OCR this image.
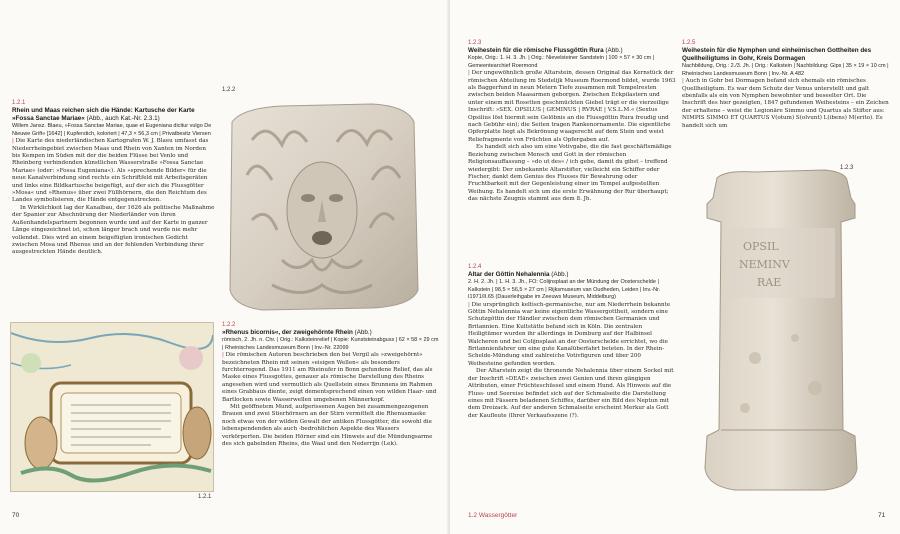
1.2.1
Rhein und Maas reichen sich die Hände: Kartusche der Karte »Fossa Sanctae Mariae« (Abb., auch Kat.-Nr. 2.3.1)
Willem Jansz. Blaeu, »Fossa Sanctae Mariae, quae et Eugeniana dicitur vulgo De Nieuwe Grift« [1642] | Kupferstich, koloriert | 47,3 × 56,3 cm | Privatbesitz Viersen

| Die Karte des niederländischen Kartografen W. J. Blaeu umfasst das Niederrheingebiet zwischen Maas und Rhein von Xanten im Norden bis Kempen im Süden mit der die beiden Flüsse bei Venlo und Rheinberg verbindenden künstlichen Wasserstraße »Fossa Sanctae Mariae« (oder: »Fossa Eugeniana«). Als »sprechende Bilder« für die neue Kanalverbindung sind rechts ein Schriftfeld mit Arbeitsgeräten und links eine Bildkartusche beigefügt, auf der sich die Flussgötter »Mosa« und »Rhenus« über zwei Füllhörnern, die den Reichtum des Landes symbolisieren, die Hände entgegenstrecken.

In Wirklichkeit lag der Kanalbau, der 1626 als politische Maßnahme der Spanier zur Abschnürung der Niederländer von ihren Außenhandelspartnern begonnen wurde und auf der Karte in ganzer Länge eingezeichnet ist, schon länger brach und wurde nie mehr vollendet. Dies wird an einem beigefügten ironischen Gedicht zwischen Mosa und Rhenus und an der fehlenden Verbindung ihrer ausgestreckten Hände deutlich.

1.2.2
1.2.1
1.2.2
»Rhenus bicornis«, der zweigehörnte Rhein (Abb.)
römisch, 2. Jh. n. Chr. | Orig.: Kalksteinrelief | Kopie: Kunststeinabguss | 62 × 58 × 29 cm | Rheinisches Landesmuseum Bonn | Inv.-Nr. 22099

| Die römischen Autoren beschrieben den bei Vergil als »zweigehörnt« bezeichneten Rhein mit seinen »eisigen Wellen« als besonders furchterregend. Das 1911 am Rheinufer in Bonn gefundene Relief, das als Maske eines Flussgottes, genauer als römische Darstellung des Rheins angesehen wird und vermutlich als Quellstein eines Brunnens im Rahmen eines Grabbaus diente, zeigt dementsprechend einen von wilden Haar- und Bartlocken sowie Wasserwellen umgebenen Männerkopf.

Mit geöffnetem Mund, aufgerissenen Augen bei zusammengezogenen Brauen und zwei Stierhörnern an der Stirn vermittelt die Rhenusmaske noch etwas von der wilden Gewalt der antiken Flussgötter, die sowohl die lebenspendenden als auch -bedrohlichen Aspekte des Wassers verkörperten. Die beiden Hörner sind ein Hinweis auf die Mündungsarme des sich gabelnden Rheins, die Waal und den Nederrijn (Lek).

70
1.2.3
Weihestein für die römische Flussgöttin Rura (Abb.)
Kopie, Orig.: 1. H. 3. Jh. | Orig.: Nievelsteiner Sandstein | 100 × 57 × 30 cm | Gemeentearchief Roermond

| Der ungewöhnlich große Altarstein, dessen Original das Kernstück der römischen Abteilung im Stedelijk Museum Roermond bildet, wurde 1963 als Baggerfund in neun Metern Tiefe zusammen mit Tempelresten zwischen beiden Maasarmen geborgen. Zwischen Eckpilastern und unter einem mit Rosetten geschmückten Giebel trägt er die vierzeilige Inschrift: »SEX. OPSILUS | GEMINUS | RVRAE | V.S.L.M.« (Sextus Opsilius löst hiermit sein Gelöbnis an die Flussgöttin Rura freudig und nach Gebühr ein); die Seiten tragen Rankenornamente. Die eigentliche Opferplatte liegt als Bekrönung waagerecht auf dem Stein und weist Reliefragmente von Früchten als Opfergaben auf.

Es handelt sich also um eine Votivgabe, die die fast geschäftsmäßige Beziehung zwischen Mensch und Gott in der römischen Religionsauffassung – »do ut des« / ich gebe, damit du gibst – treffend wiedergibt: Der unbekannte Altarstifter, vielleicht ein Schiffer oder Fischer, dankt dem Genius des Flusses für Bewahrung oder Fruchtbarkeit mit der Gegenleistung einer im Tempel aufgestellten Weihung. Es handelt sich um die erste Erwähnung der Rur überhaupt; das nächste Zeugnis stammt aus dem 8. Jh.

1.2.4
Altar der Göttin Nehalennia (Abb.)
2. H. 2. Jh. | 1. H. 3. Jh., FO: Colijnsplaat an der Mündung der Oosterschelde | Kalkstein | 98,5 × 56,5 × 27 cm | Rijksmuseum van Oudheden, Leiden | Inv.-Nr. I1971/II.65 (Dauerleihgabe im Zeeuws Museum, Middelburg)

| Die ursprünglich keltisch-germanische, nur am Niederrhein bekannte Göttin Nehalennia war keine eigentliche Wassergottheit, sondern eine Schutzgöttin der Händler zwischen dem römischen Germanien und Britannien. Eine Kultstätte befand sich in Köln. Die zentralen Heiligtümer wurden ihr allerdings in Domburg auf der Halbinsel Walcheren und bei Colijnsplaat an der Oosterschelde errichtet, wo die Britannienfahrer um eine gute Kanalüberfahrt beteten. In der Rhein-Schelde-Mündung sind zahlreiche Votivfiguren und über 200 Weihesteine gefunden worden.

Der Altarstein zeigt die thronende Nehalennia über einem Sockel mit der Inschrift »DEAE« zwischen zwei Genien und ihren gängigen Attributen, einer Früchteschüssel und einem Hund. Als Hinweis auf die Fluss- und Seereise befindet sich auf der Schmalseite die Darstellung eines mit Fässern beladenen Schiffes, darüber ein Bild des Neptun mit dem Dreizack. Auf der anderen Schmalseite erscheint Merkur als Gott der Kaufleute (Ihrer Verkaufsszene (?).

1.2.5
Weihestein für die Nymphen und einheimischen Gottheiten des Quellheiligtums in Gohr, Kreis Dormagen
Nachbildung, Orig.: 2./3. Jh. | Orig.: Kalkstein | Nachbildung: Gips | 35 × 19 × 10 cm | Rheinisches Landesmuseum Bonn | Inv.-Nr. A 482

| Auch in Gohr bei Dormagen befand sich ehemals ein römisches Quellheiligtum. Es war dem Schutz der Venus unterstellt und galt ebenfalls als ein von Nymphen bewohnter und beseelter Ort. Die Inschrift des hier gezeigten, 1847 gefundenen Weihesteins – ein Zeichen der erhaltene – weist die Legionäre Simmo und Quartus als Stifter aus: NIMPIS SIMMO ET QUARTUS V(otum) S(olvunt) L(ibens) M(erito). Es handelt sich um

1.2.3
OPSIL
NEMINV
RAE
1.2 Wassergötter	71
